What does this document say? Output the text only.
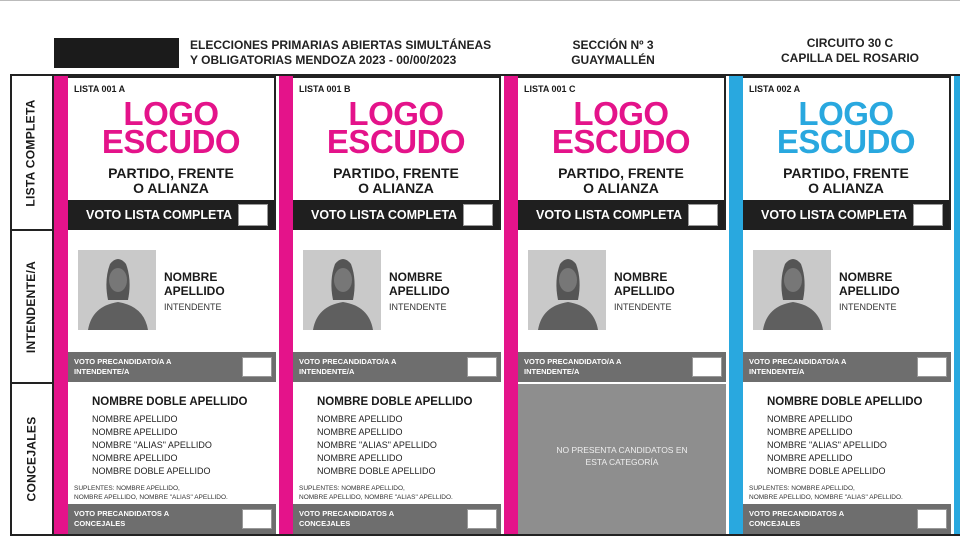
ELECCIONES PRIMARIAS ABIERTAS SIMULTÁNEAS
Y OBLIGATORIAS MENDOZA 2023 - 00/00/2023
SECCIÓN Nº 3
GUAYMALLÉN
CIRCUITO 30 C
CAPILLA DEL ROSARIO
LISTA COMPLETA
INTENDENTE/A
CONCEJALES
LISTA 001 A
LOGO
ESCUDO
PARTIDO, FRENTE
O ALIANZA
VOTO LISTA COMPLETA
NOMBRE
APELLIDO
INTENDENTE
VOTO PRECANDIDATO/A A
INTENDENTE/A
NOMBRE DOBLE APELLIDO
NOMBRE APELLIDO
NOMBRE APELLIDO
NOMBRE "ALIAS" APELLIDO
NOMBRE APELLIDO
NOMBRE DOBLE APELLIDO
SUPLENTES: NOMBRE APELLIDO,
NOMBRE APELLIDO, NOMBRE "ALIAS" APELLIDO.
VOTO PRECANDIDATOS A
CONCEJALES
LISTA 001 B
LOGO
ESCUDO
PARTIDO, FRENTE
O ALIANZA
VOTO LISTA COMPLETA
NOMBRE
APELLIDO
INTENDENTE
VOTO PRECANDIDATO/A A
INTENDENTE/A
NOMBRE DOBLE APELLIDO
NOMBRE APELLIDO
NOMBRE APELLIDO
NOMBRE "ALIAS" APELLIDO
NOMBRE APELLIDO
NOMBRE DOBLE APELLIDO
SUPLENTES: NOMBRE APELLIDO,
NOMBRE APELLIDO, NOMBRE "ALIAS" APELLIDO.
VOTO PRECANDIDATOS A
CONCEJALES
LISTA 001 C
LOGO
ESCUDO
PARTIDO, FRENTE
O ALIANZA
VOTO LISTA COMPLETA
NOMBRE
APELLIDO
INTENDENTE
VOTO PRECANDIDATO/A A
INTENDENTE/A
NO PRESENTA CANDIDATOS EN
ESTA CATEGORÍA
LISTA 002 A
LOGO
ESCUDO
PARTIDO, FRENTE
O ALIANZA
VOTO LISTA COMPLETA
NOMBRE
APELLIDO
INTENDENTE
VOTO PRECANDIDATO/A A
INTENDENTE/A
NOMBRE DOBLE APELLIDO
NOMBRE APELLIDO
NOMBRE APELLIDO
NOMBRE "ALIAS" APELLIDO
NOMBRE APELLIDO
NOMBRE DOBLE APELLIDO
SUPLENTES: NOMBRE APELLIDO,
NOMBRE APELLIDO, NOMBRE "ALIAS" APELLIDO.
VOTO PRECANDIDATOS A
CONCEJALES
